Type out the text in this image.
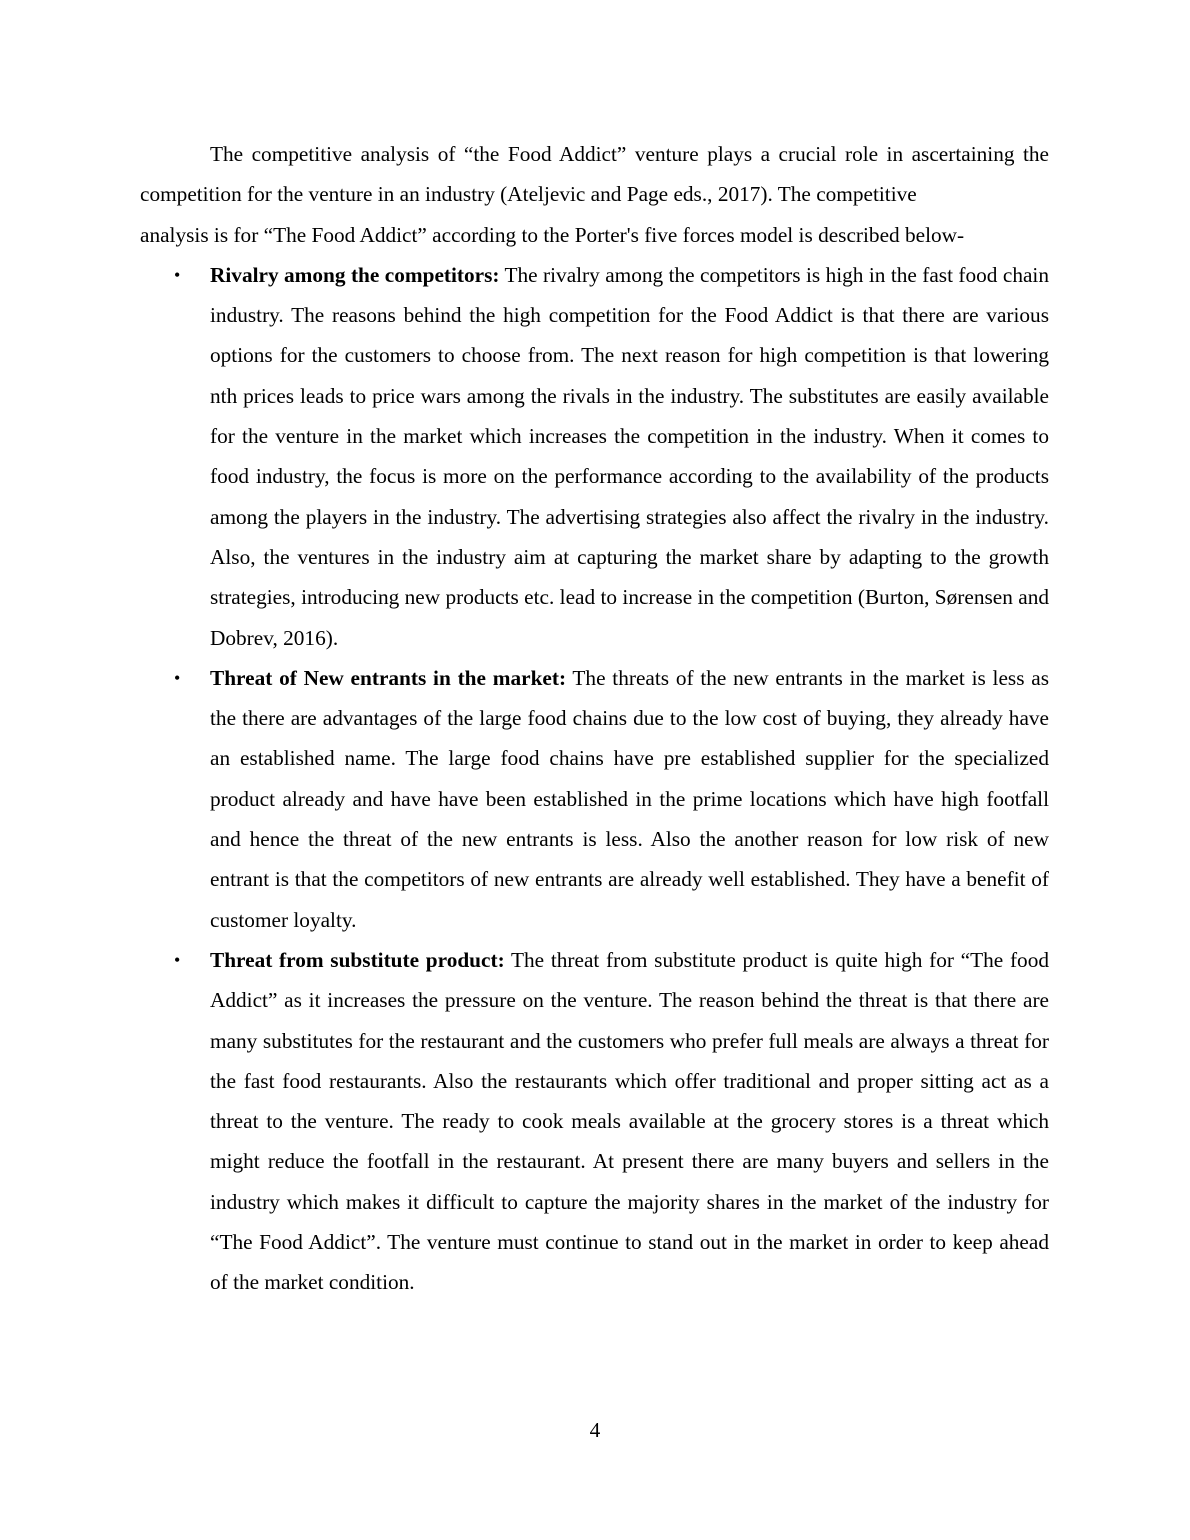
The competitive analysis of “the Food Addict” venture plays a crucial role in ascertaining the competition for the venture in an industry (Ateljevic and Page eds., 2017). The competitive

analysis is for “The Food Addict” according to the Porter's five forces model is described below-

• Rivalry among the competitors: The rivalry among the competitors is high in the fast food chain industry. The reasons behind the high competition for the Food Addict is that there are various options for the customers to choose from. The next reason for high competition is that lowering nth prices leads to price wars among the rivals in the industry. The substitutes are easily available for the venture in the market which increases the competition in the industry. When it comes to food industry, the focus is more on the performance according to the availability of the products among the players in the industry. The advertising strategies also affect the rivalry in the industry. Also, the ventures in the industry aim at capturing the market share by adapting to the growth strategies, introducing new products etc. lead to increase in the competition (Burton, Sørensen and Dobrev, 2016).
• Threat of New entrants in the market: The threats of the new entrants in the market is less as the there are advantages of the large food chains due to the low cost of buying, they already have an established name. The large food chains have pre established supplier for the specialized product already and have have been established in the prime locations which have high footfall and hence the threat of the new entrants is less. Also the another reason for low risk of new entrant is that the competitors of new entrants are already well established. They have a benefit of customer loyalty.
• Threat from substitute product: The threat from substitute product is quite high for “The food Addict” as it increases the pressure on the venture. The reason behind the threat is that there are many substitutes for the restaurant and the customers who prefer full meals are always a threat for the fast food restaurants. Also the restaurants which offer traditional and proper sitting act as a threat to the venture. The ready to cook meals available at the grocery stores is a threat which might reduce the footfall in the restaurant. At present there are many buyers and sellers in the industry which makes it difficult to capture the majority shares in the market of the industry for “The Food Addict”. The venture must continue to stand out in the market in order to keep ahead of the market condition.
4
